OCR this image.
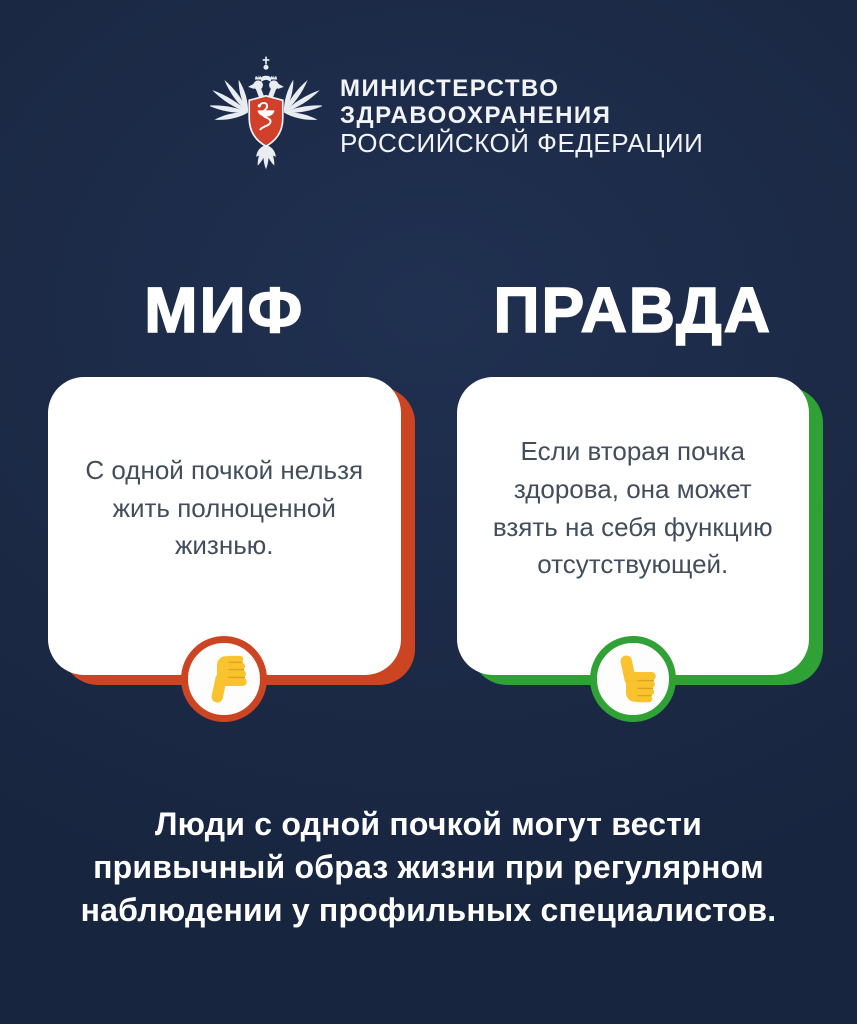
МИНИСТЕРСТВО
ЗДРАВООХРАНЕНИЯ
РОССИЙСКОЙ ФЕДЕРАЦИИ
МИФ	ПРАВДА
С одной почкой нельзя жить полноценной жизнью.
Если вторая почка здорова, она может взять на себя функцию отсутствующей.

Люди с одной почкой могут вести привычный образ жизни при регулярном наблюдении у профильных специалистов.
